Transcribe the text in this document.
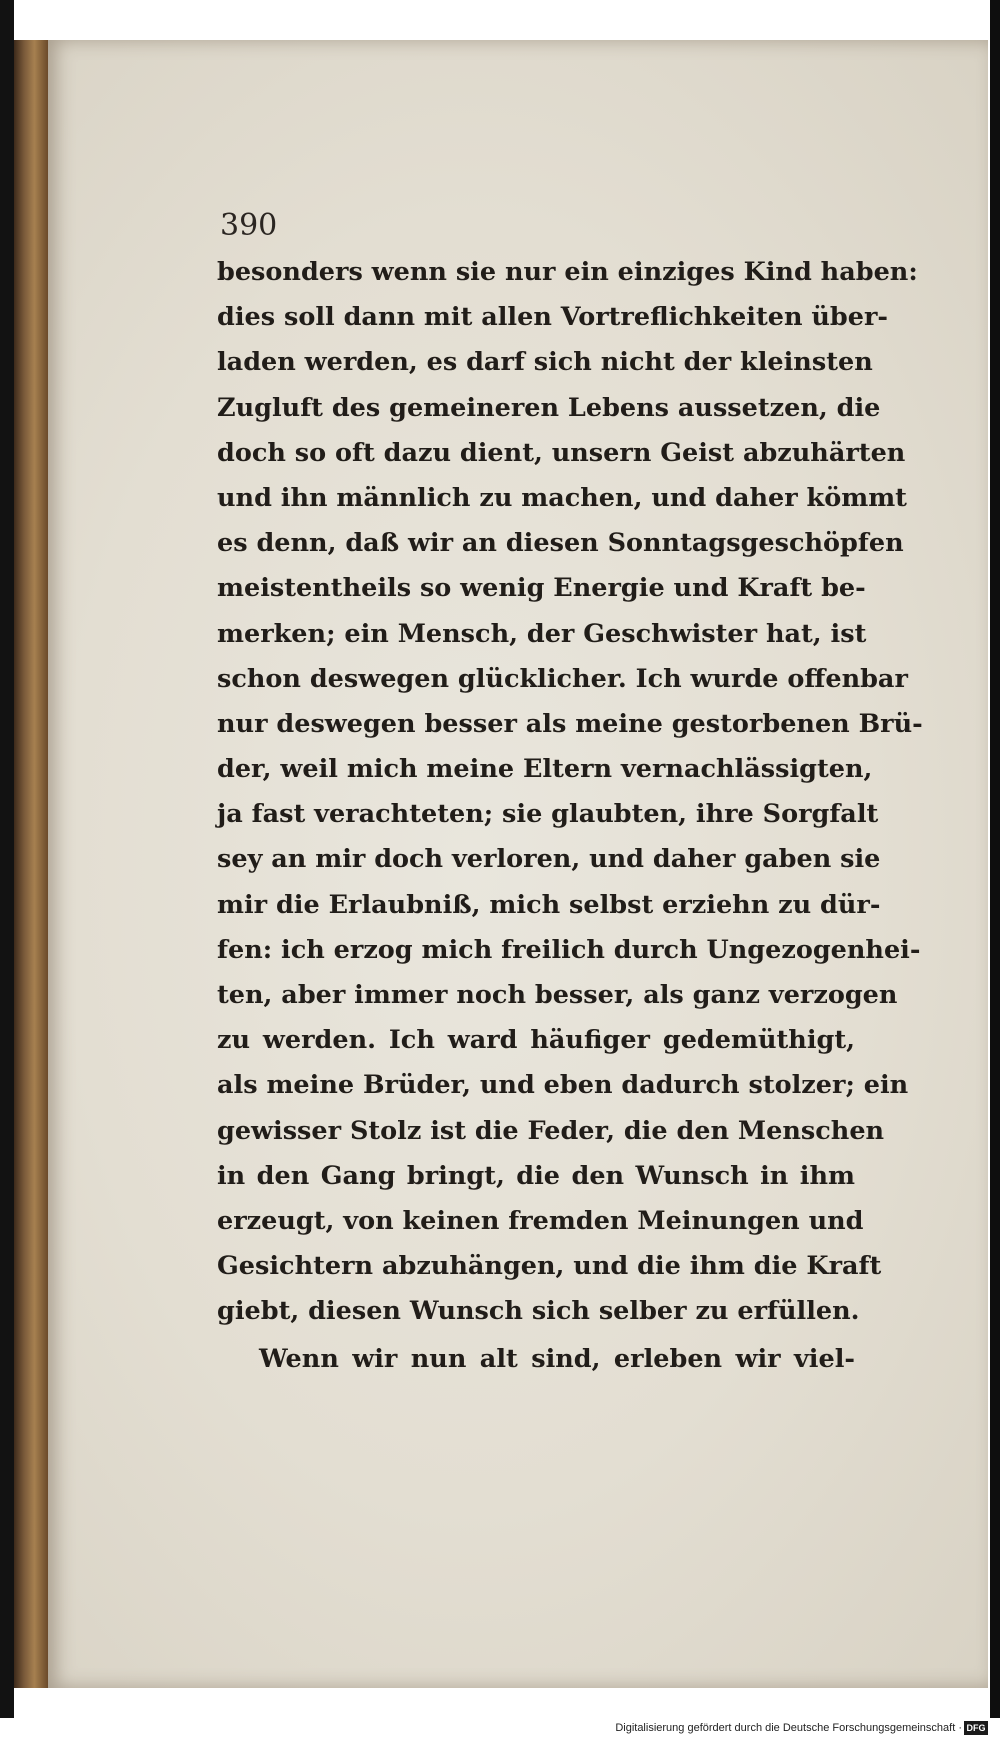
390
besonders wenn sie nur ein einziges Kind haben:
dies soll dann mit allen Vortreflichkeiten über-
laden werden, es darf sich nicht der kleinsten
Zugluft des gemeineren Lebens aussetzen, die
doch so oft dazu dient, unsern Geist abzuhärten
und ihn männlich zu machen, und daher kömmt
es denn, daß wir an diesen Sonntagsgeschöpfen
meistentheils so wenig Energie und Kraft be-
merken; ein Mensch, der Geschwister hat, ist
schon deswegen glücklicher. Ich wurde offenbar
nur deswegen besser als meine gestorbenen Brü-
der, weil mich meine Eltern vernachlässigten,
ja fast verachteten; sie glaubten, ihre Sorgfalt
sey an mir doch verloren, und daher gaben sie
mir die Erlaubniß, mich selbst erziehn zu dür-
fen: ich erzog mich freilich durch Ungezogenhei-
ten, aber immer noch besser, als ganz verzogen
zu werden. Ich ward häufiger gedemüthigt,
als meine Brüder, und eben dadurch stolzer; ein
gewisser Stolz ist die Feder, die den Menschen
in den Gang bringt, die den Wunsch in ihm
erzeugt, von keinen fremden Meinungen und
Gesichtern abzuhängen, und die ihm die Kraft
giebt, diesen Wunsch sich selber zu erfüllen.
Wenn wir nun alt sind, erleben wir viel-
Digitalisierung gefördert durch die Deutsche Forschungsgemeinschaft · DFG
